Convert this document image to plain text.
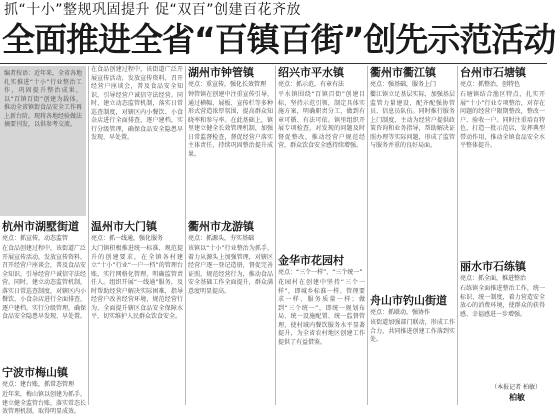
抓“十小”整规巩固提升 促“双百”创建百花齐放
全面推进全省“百镇百街”创先示范活动
编者按语：近年来，全省各地扎实推进“十小”行业整治工作，巩固提升整治成果，以“百镇百街”创建为载体，推动全省镇街食品安全工作再上新台阶。现将各地经验做法摘要刊发，以供参考交流。
杭州市湖墅街道
亮点：抓宣传，动态监管
在食品创建过程中，该街道广泛开展宣传活动，发放宣传资料，召开经营户座谈会，普及食品安全知识，引导经营户诚信守法经营。同时，建立动态监管机制，落实日常巡查制度，对辖区内小餐饮、小食杂店进行全面排查，逐户建档，实行分级管理，确保食品安全隐患早发现、早处置。
宁波市梅山镇
亮点：建台账，抓常态管理
近年来，梅山镇以创建为抓手，建立健全监管台账，落实常态长效管理机制，取得明显成效。
在食品创建过程中，该街道广泛开展宣传活动，发放宣传资料，召开经营户座谈会，普及食品安全知识，引导经营户诚信守法经营。同时，建立动态监管机制，落实日常巡查制度，对辖区内小餐饮、小食杂店进行全面排查，逐户建档，实行分级管理，确保食品安全隐患早发现、早处置。
温州市大门镇
亮点：抓一线通，强化服务
大门镇积极推进统一标准、规范提升的创建要求，在全镇各村建立“十小”行业“一户一档”的管理台账，实行网格化管理，明确监管责任人。组织开展“一线通”服务，及时帮助经营户解决实际困难，指导经营户改善经营环境，规范经营行为，全面提升辖区食品安全保障水平，切实维护人民群众饮食安全。
湖州市钟管镇
亮点：重宣传，强化长效管理
钟管镇在创建中注重宣传引导，通过横幅、展板、宣传栏等多种形式营造浓厚氛围，提高群众知晓率和参与率。在此基础上，镇里建立健全长效管理机制，加强日常监督检查，督促经营户落实主体责任，持续巩固整治提升成果。
衢州市龙游镇
亮点：抓源头，夯实基础
该镇以“十小”行业整治为抓手，着力从源头上加强管理，对辖区经营户逐一登记造册，督促完善证照，规范经营行为，推动食品安全基础工作全面提升，群众满意度明显提高。
绍兴市平水镇
亮点：抓示范，有章有法
平水镇围绕“百镇百街”创建目标，坚持示范引领，制定具体实施方案，明确职责分工，做到有章可循、有法可依。镇里组织开展专项检查，对发现的问题及时督促整改，推动经营户规范经营，群众饮食安全感持续增强。
金华市花园村
亮点：“三个一样”、“三个统一”
花园村在创建中坚持“三个一样”，即城乡标准一样、管理要求一样、服务质量一样；做到“三个统一”，即统一规划布局、统一设施配置、统一监督管理，使村域内餐饮服务水平显著提升，为全省农村地区创建工作提供了有益借鉴。
衢州市衢江镇
亮点：强基础，服务上门
衢江镇立足基层实际，加强基层监管力量建设，配齐配强协管员、信息员队伍。同时推行服务上门制度，主动为经营户提供政策咨询和业务指导，帮助解决证照办理等实际问题，形成了监管与服务并重的良好局面。
舟山市钓山街道
亮点：抓联动，强协作
该街道加强部门联动，形成工作合力，共同推进创建工作落到实处。
台州市石塘镇
亮点：抓整治，创特色
石塘镇结合渔区特点，扎实开展“十小”行业专项整治，对存在问题的经营户限期整改，整改一户、验收一户。同时注重培育特色，打造一批示范店，发挥典型带动作用，推动全镇食品安全水平整体提升。
丽水市石练镇
亮点：抓全面，推进整治
石练镇全面推进整治工作，统一标识、统一制度，着力营造安全放心的消费环境，使群众的获得感、幸福感进一步增强。
（本报记者 柏敏）
柏敏
